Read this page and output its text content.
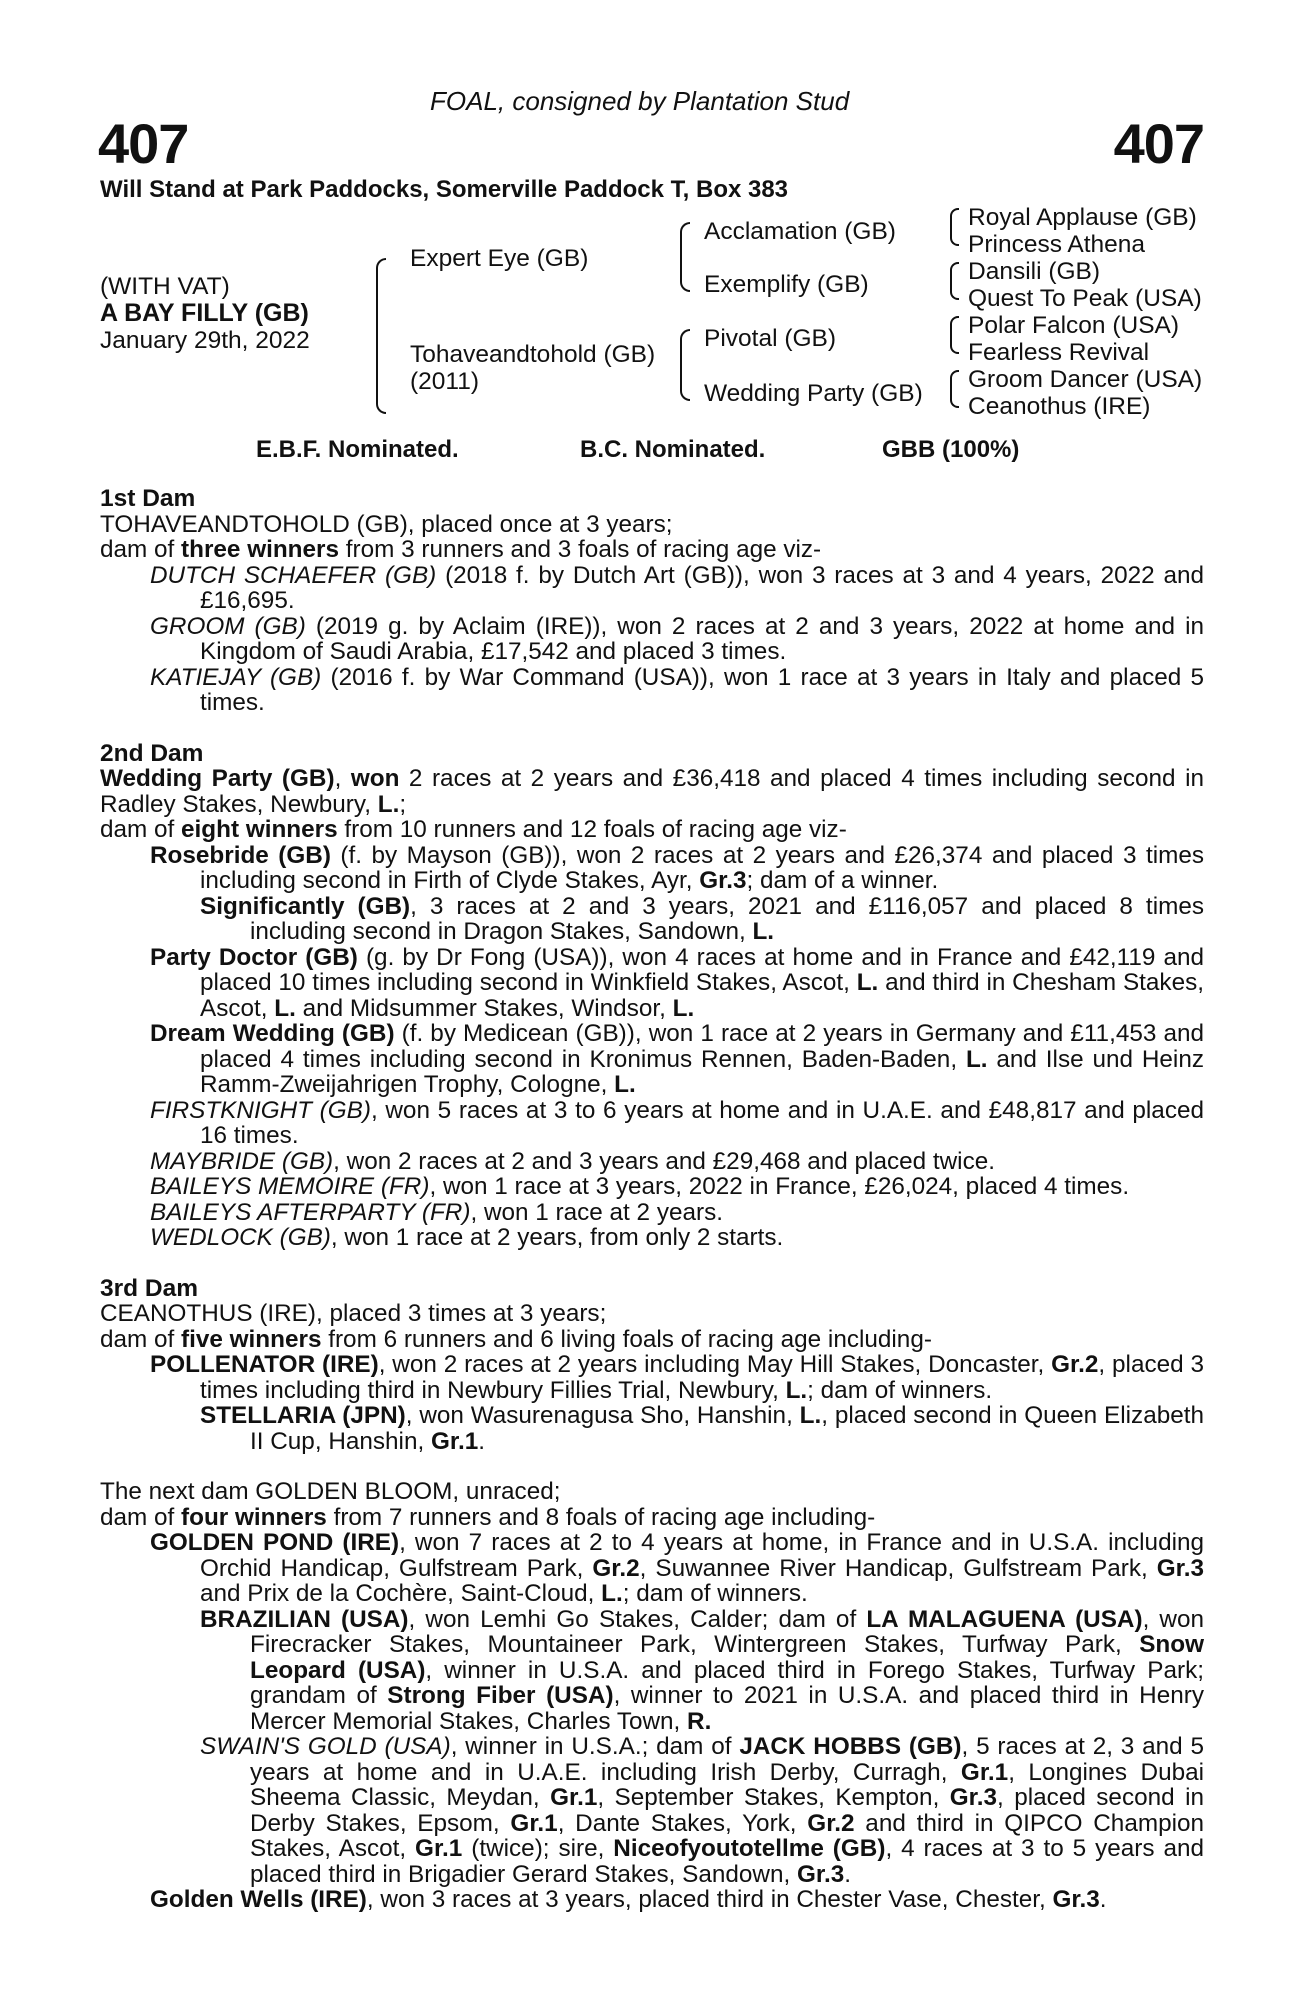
FOAL, consigned by Plantation Stud
407	407
Will Stand at Park Paddocks, Somerville Paddock T, Box 383
(WITH VAT)
A BAY FILLY (GB)
January 29th, 2022
Expert Eye (GB)
Tohaveandtohold (GB)
(2011)
Acclamation (GB)
Exemplify (GB)
Pivotal (GB)
Wedding Party (GB)
Royal Applause (GB)
Princess Athena
Dansili (GB)
Quest To Peak (USA)
Polar Falcon (USA)
Fearless Revival
Groom Dancer (USA)
Ceanothus (IRE)
E.B.F. Nominated.	B.C. Nominated.	GBB (100%)

1st Dam

TOHAVEANDTOHOLD (GB), placed once at 3 years;

dam of three winners from 3 runners and 3 foals of racing age viz-

DUTCH SCHAEFER (GB) (2018 f. by Dutch Art (GB)), won 3 races at 3 and 4 years, 2022 and £16,695.

GROOM (GB) (2019 g. by Aclaim (IRE)), won 2 races at 2 and 3 years, 2022 at home and in Kingdom of Saudi Arabia, £17,542 and placed 3 times.

KATIEJAY (GB) (2016 f. by War Command (USA)), won 1 race at 3 years in Italy and placed 5 times.

2nd Dam

Wedding Party (GB), won 2 races at 2 years and £36,418 and placed 4 times including second in Radley Stakes, Newbury, L.;

dam of eight winners from 10 runners and 12 foals of racing age viz-

Rosebride (GB) (f. by Mayson (GB)), won 2 races at 2 years and £26,374 and placed 3 times including second in Firth of Clyde Stakes, Ayr, Gr.3; dam of a winner.

Significantly (GB), 3 races at 2 and 3 years, 2021 and £116,057 and placed 8 times including second in Dragon Stakes, Sandown, L.

Party Doctor (GB) (g. by Dr Fong (USA)), won 4 races at home and in France and £42,119 and placed 10 times including second in Winkfield Stakes, Ascot, L. and third in Chesham Stakes, Ascot, L. and Midsummer Stakes, Windsor, L.

Dream Wedding (GB) (f. by Medicean (GB)), won 1 race at 2 years in Germany and £11,453 and placed 4 times including second in Kronimus Rennen, Baden-Baden, L. and Ilse und Heinz Ramm-Zweijahrigen Trophy, Cologne, L.

FIRSTKNIGHT (GB), won 5 races at 3 to 6 years at home and in U.A.E. and £48,817 and placed 16 times.

MAYBRIDE (GB), won 2 races at 2 and 3 years and £29,468 and placed twice.

BAILEYS MEMOIRE (FR), won 1 race at 3 years, 2022 in France, £26,024, placed 4 times.

BAILEYS AFTERPARTY (FR), won 1 race at 2 years.

WEDLOCK (GB), won 1 race at 2 years, from only 2 starts.

3rd Dam

CEANOTHUS (IRE), placed 3 times at 3 years;

dam of five winners from 6 runners and 6 living foals of racing age including-

POLLENATOR (IRE), won 2 races at 2 years including May Hill Stakes, Doncaster, Gr.2, placed 3 times including third in Newbury Fillies Trial, Newbury, L.; dam of winners.

STELLARIA (JPN), won Wasurenagusa Sho, Hanshin, L., placed second in Queen Elizabeth II Cup, Hanshin, Gr.1.

The next dam GOLDEN BLOOM, unraced;

dam of four winners from 7 runners and 8 foals of racing age including-

GOLDEN POND (IRE), won 7 races at 2 to 4 years at home, in France and in U.S.A. including Orchid Handicap, Gulfstream Park, Gr.2, Suwannee River Handicap, Gulfstream Park, Gr.3 and Prix de la Cochère, Saint-Cloud, L.; dam of winners.

BRAZILIAN (USA), won Lemhi Go Stakes, Calder; dam of LA MALAGUENA (USA), won Firecracker Stakes, Mountaineer Park, Wintergreen Stakes, Turfway Park, Snow Leopard (USA), winner in U.S.A. and placed third in Forego Stakes, Turfway Park; grandam of Strong Fiber (USA), winner to 2021 in U.S.A. and placed third in Henry Mercer Memorial Stakes, Charles Town, R.

SWAIN'S GOLD (USA), winner in U.S.A.; dam of JACK HOBBS (GB), 5 races at 2, 3 and 5 years at home and in U.A.E. including Irish Derby, Curragh, Gr.1, Longines Dubai Sheema Classic, Meydan, Gr.1, September Stakes, Kempton, Gr.3, placed second in Derby Stakes, Epsom, Gr.1, Dante Stakes, York, Gr.2 and third in QIPCO Champion Stakes, Ascot, Gr.1 (twice); sire, Niceofyoutotellme (GB), 4 races at 3 to 5 years and placed third in Brigadier Gerard Stakes, Sandown, Gr.3.

Golden Wells (IRE), won 3 races at 3 years, placed third in Chester Vase, Chester, Gr.3.
